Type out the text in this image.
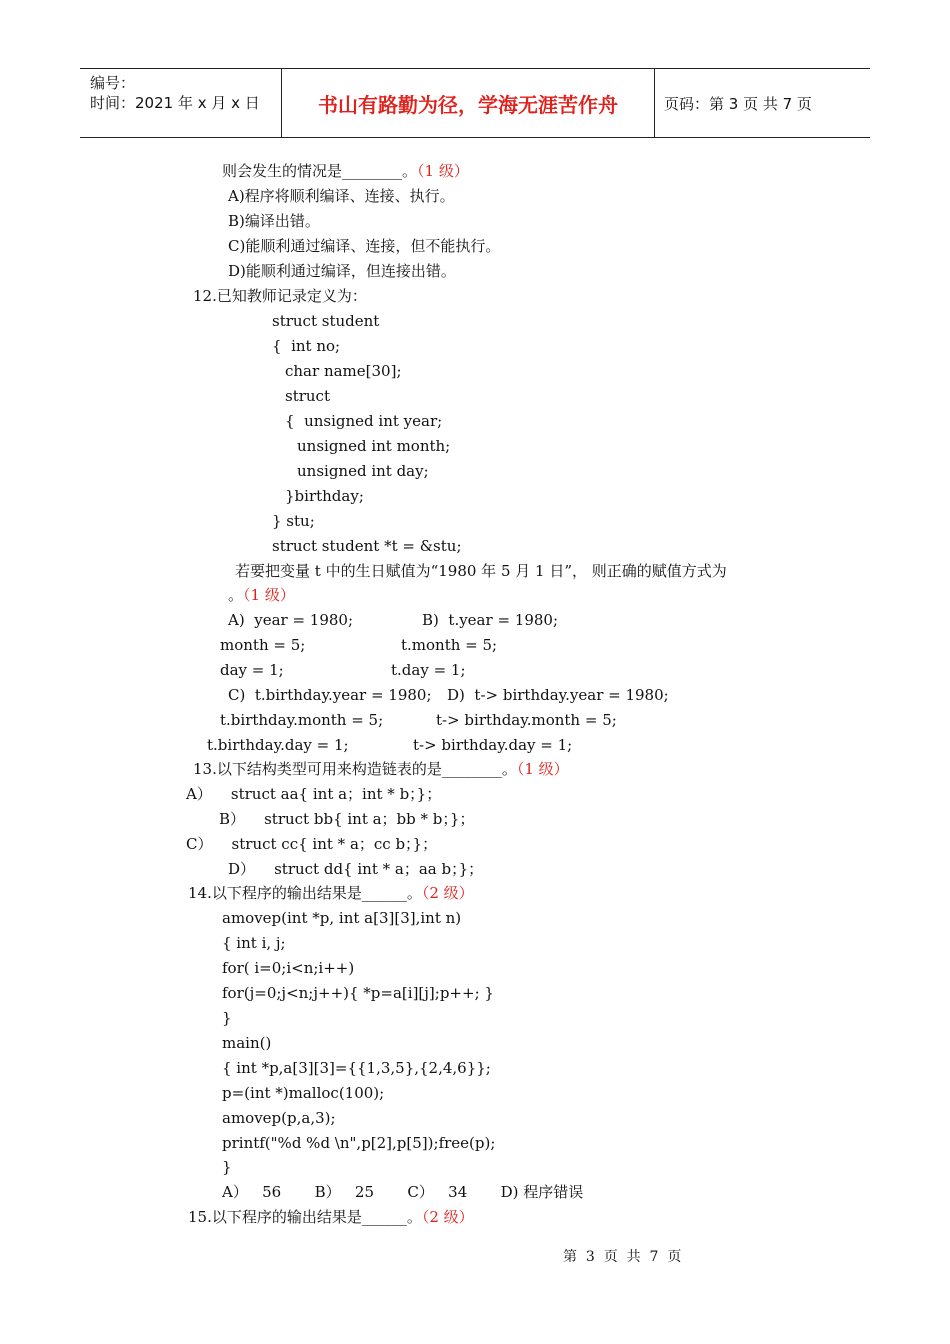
编号：
时间：2021 年 x 月 x 日	书山有路勤为径，学海无涯苦作舟	页码：第 3 页 共 7 页
则会发生的情况是________。（1 级）
A)程序将顺利编译、连接、执行。
B)编译出错。
C)能顺利通过编译、连接，但不能执行。
D)能顺利通过编译，但连接出错。
12.已知教师记录定义为：
struct student
{  int no;
char name[30];
struct
{  unsigned int year;
unsigned int month;
unsigned int day;
}birthday;
} stu;
struct student *t = &stu;
若要把变量 t 中的生日赋值为“1980 年 5 月 1 日”， 则正确的赋值方式为
。（1 级）
A)  year = 1980;	B)  t.year = 1980;
month = 5;	t.month = 5;
day = 1;	t.day = 1;
C)  t.birthday.year = 1980; D)  t-> birthday.year = 1980;
t.birthday.month = 5;	t-> birthday.month = 5;
t.birthday.day = 1;	t-> birthday.day = 1;
13.以下结构类型可用来构造链表的是________。（1 级）
A）    struct aa{ int a；int * b；}；
B）    struct bb{ int a；bb * b；}；
C）    struct cc{ int * a；cc b；}；
D）    struct dd{ int * a；aa b；}；
14.以下程序的输出结果是______。（2 级）
amovep(int *p, int a[3][3],int n)
{ int i, j;
for( i=0;i<n;i++)
for(j=0;j<n;j++){ *p=a[i][j];p++; }
}
main()
{ int *p,a[3][3]={{1,3,5},{2,4,6}};
p=(int *)malloc(100);
amovep(p,a,3);
printf("%d %d \n",p[2],p[5]);free(p);
}
A）   56       B）   25       C）   34       D) 程序错误
15.以下程序的输出结果是______。（2 级）
第  3  页  共  7  页
